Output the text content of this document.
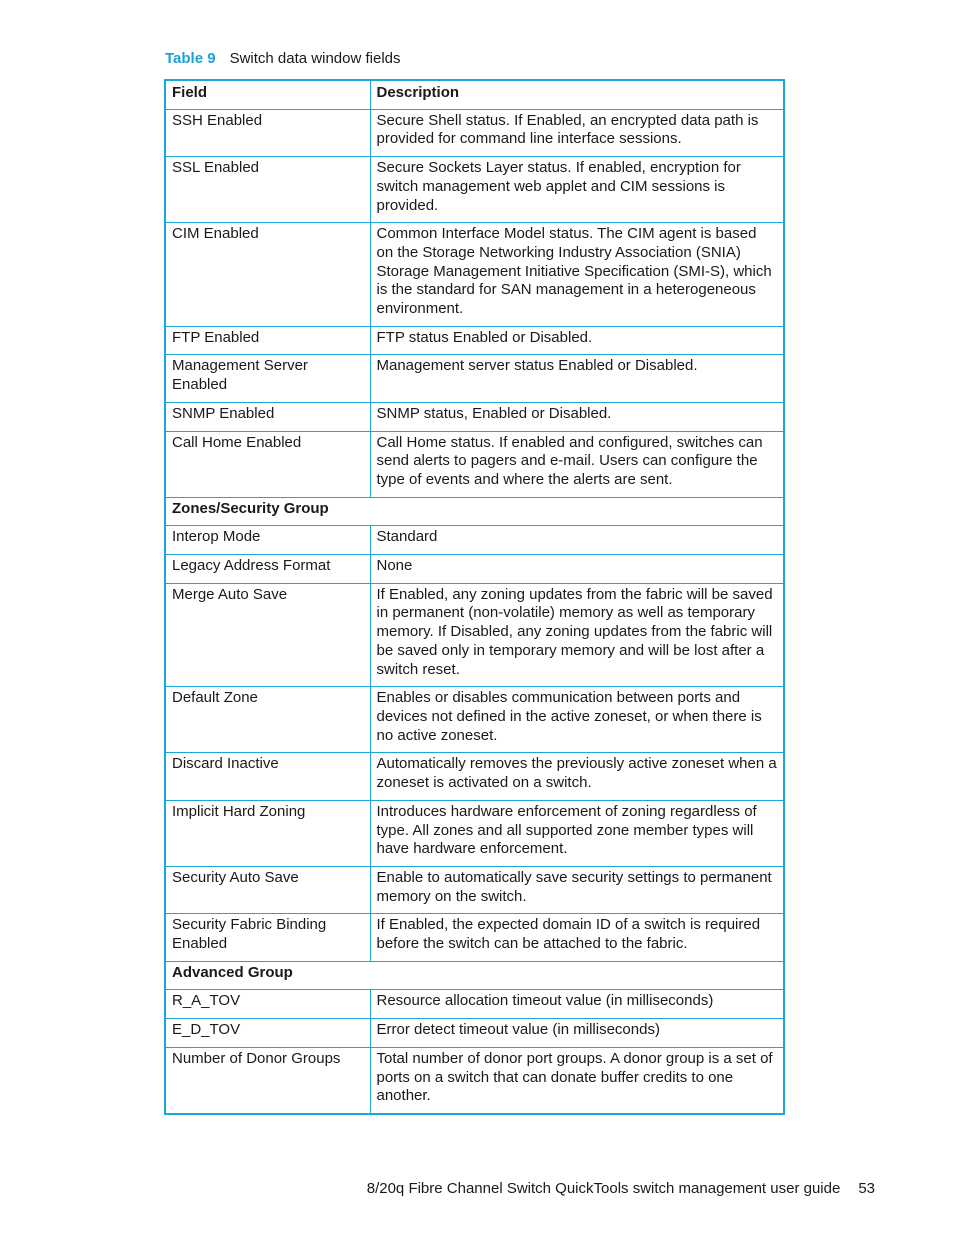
Table 9 Switch data window fields
Field	Description
SSH Enabled	Secure Shell status. If Enabled, an encrypted data path is provided for command line interface sessions.
SSL Enabled	Secure Sockets Layer status. If enabled, encryption for switch management web applet and CIM sessions is provided.
CIM Enabled	Common Interface Model status. The CIM agent is based on the Storage Networking Industry Association (SNIA) Storage Management Initiative Specification (SMI-S), which is the standard for SAN management in a heterogeneous environment.
FTP Enabled	FTP status Enabled or Disabled.
Management Server Enabled	Management server status Enabled or Disabled.
SNMP Enabled	SNMP status, Enabled or Disabled.
Call Home Enabled	Call Home status. If enabled and configured, switches can send alerts to pagers and e-mail. Users can configure the type of events and where the alerts are sent.
Zones/Security Group	
Interop Mode	Standard
Legacy Address Format	None
Merge Auto Save	If Enabled, any zoning updates from the fabric will be saved in permanent (non-volatile) memory as well as temporary memory. If Disabled, any zoning updates from the fabric will be saved only in temporary memory and will be lost after a switch reset.
Default Zone	Enables or disables communication between ports and devices not defined in the active zoneset, or when there is no active zoneset.
Discard Inactive	Automatically removes the previously active zoneset when a zoneset is activated on a switch.
Implicit Hard Zoning	Introduces hardware enforcement of zoning regardless of type. All zones and all supported zone member types will have hardware enforcement.
Security Auto Save	Enable to automatically save security settings to permanent memory on the switch.
Security Fabric Binding Enabled	If Enabled, the expected domain ID of a switch is required before the switch can be attached to the fabric.
Advanced Group	
R_A_TOV	Resource allocation timeout value (in milliseconds)
E_D_TOV	Error detect timeout value (in milliseconds)
Number of Donor Groups	Total number of donor port groups. A donor group is a set of ports on a switch that can donate buffer credits to one another.
8/20q Fibre Channel Switch QuickTools switch management user guide 53
